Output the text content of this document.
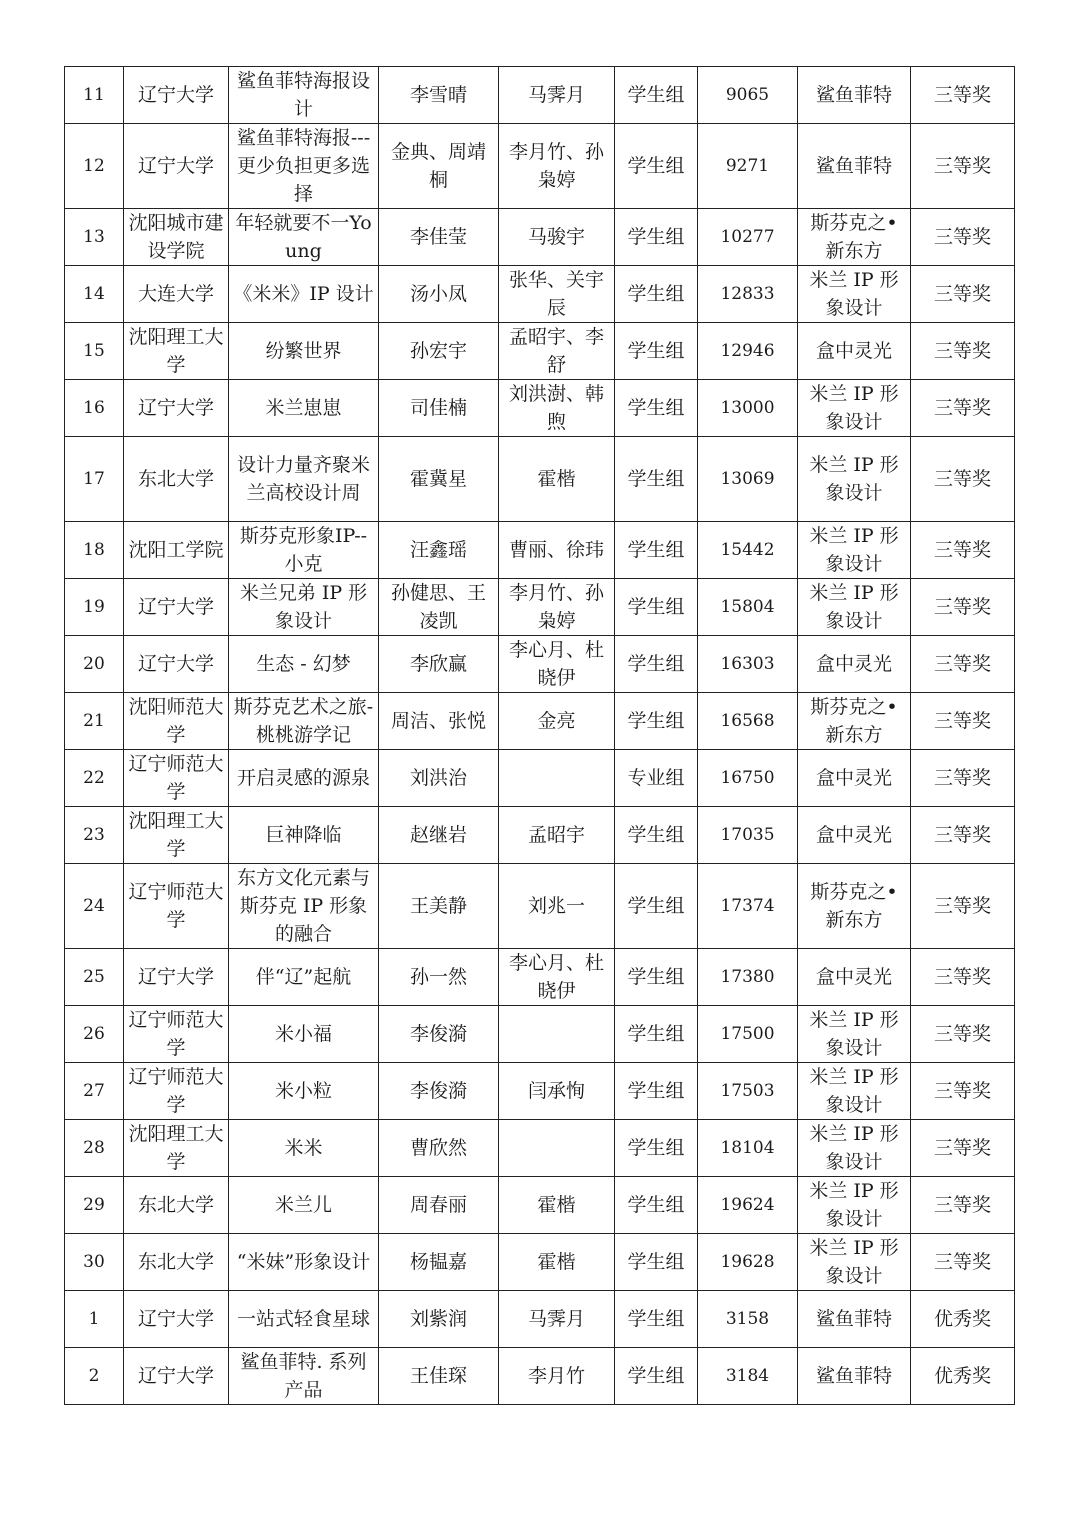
11	辽宁大学	鲨鱼菲特海报设计	李雪晴	马霁月	学生组	9065	鲨鱼菲特	三等奖
12	辽宁大学	鲨鱼菲特海报---更少负担更多选择	金典、周靖桐	李月竹、孙枭婷	学生组	9271	鲨鱼菲特	三等奖
13	沈阳城市建设学院	年轻就要不一Young	李佳莹	马骏宇	学生组	10277	斯芬克之•新东方	三等奖
14	大连大学	《米米》IP 设计	汤小凤	张华、关宇辰	学生组	12833	米兰 IP 形象设计	三等奖
15	沈阳理工大学	纷繁世界	孙宏宇	孟昭宇、李舒	学生组	12946	盒中灵光	三等奖
16	辽宁大学	米兰崽崽	司佳楠	刘洪澍、韩煦	学生组	13000	米兰 IP 形象设计	三等奖
17	东北大学	设计力量齐聚米兰高校设计周	霍冀星	霍楷	学生组	13069	米兰 IP 形象设计	三等奖
18	沈阳工学院	斯芬克形象IP--小克	汪鑫瑶	曹丽、徐玮	学生组	15442	米兰 IP 形象设计	三等奖
19	辽宁大学	米兰兄弟 IP 形象设计	孙健思、王凌凯	李月竹、孙枭婷	学生组	15804	米兰 IP 形象设计	三等奖
20	辽宁大学	生态 - 幻梦	李欣赢	李心月、杜晓伊	学生组	16303	盒中灵光	三等奖
21	沈阳师范大学	斯芬克艺术之旅-桃桃游学记	周洁、张悦	金亮	学生组	16568	斯芬克之•新东方	三等奖
22	辽宁师范大学	开启灵感的源泉	刘洪治		专业组	16750	盒中灵光	三等奖
23	沈阳理工大学	巨神降临	赵继岩	孟昭宇	学生组	17035	盒中灵光	三等奖
24	辽宁师范大学	东方文化元素与斯芬克 IP 形象的融合	王美静	刘兆一	学生组	17374	斯芬克之•新东方	三等奖
25	辽宁大学	伴“辽”起航	孙一然	李心月、杜晓伊	学生组	17380	盒中灵光	三等奖
26	辽宁师范大学	米小福	李俊漪		学生组	17500	米兰 IP 形象设计	三等奖
27	辽宁师范大学	米小粒	李俊漪	闫承恂	学生组	17503	米兰 IP 形象设计	三等奖
28	沈阳理工大学	米米	曹欣然		学生组	18104	米兰 IP 形象设计	三等奖
29	东北大学	米兰儿	周春丽	霍楷	学生组	19624	米兰 IP 形象设计	三等奖
30	东北大学	“米妹”形象设计	杨韫嘉	霍楷	学生组	19628	米兰 IP 形象设计	三等奖
1	辽宁大学	一站式轻食星球	刘紫润	马霁月	学生组	3158	鲨鱼菲特	优秀奖
2	辽宁大学	鲨鱼菲特. 系列产品	王佳琛	李月竹	学生组	3184	鲨鱼菲特	优秀奖
